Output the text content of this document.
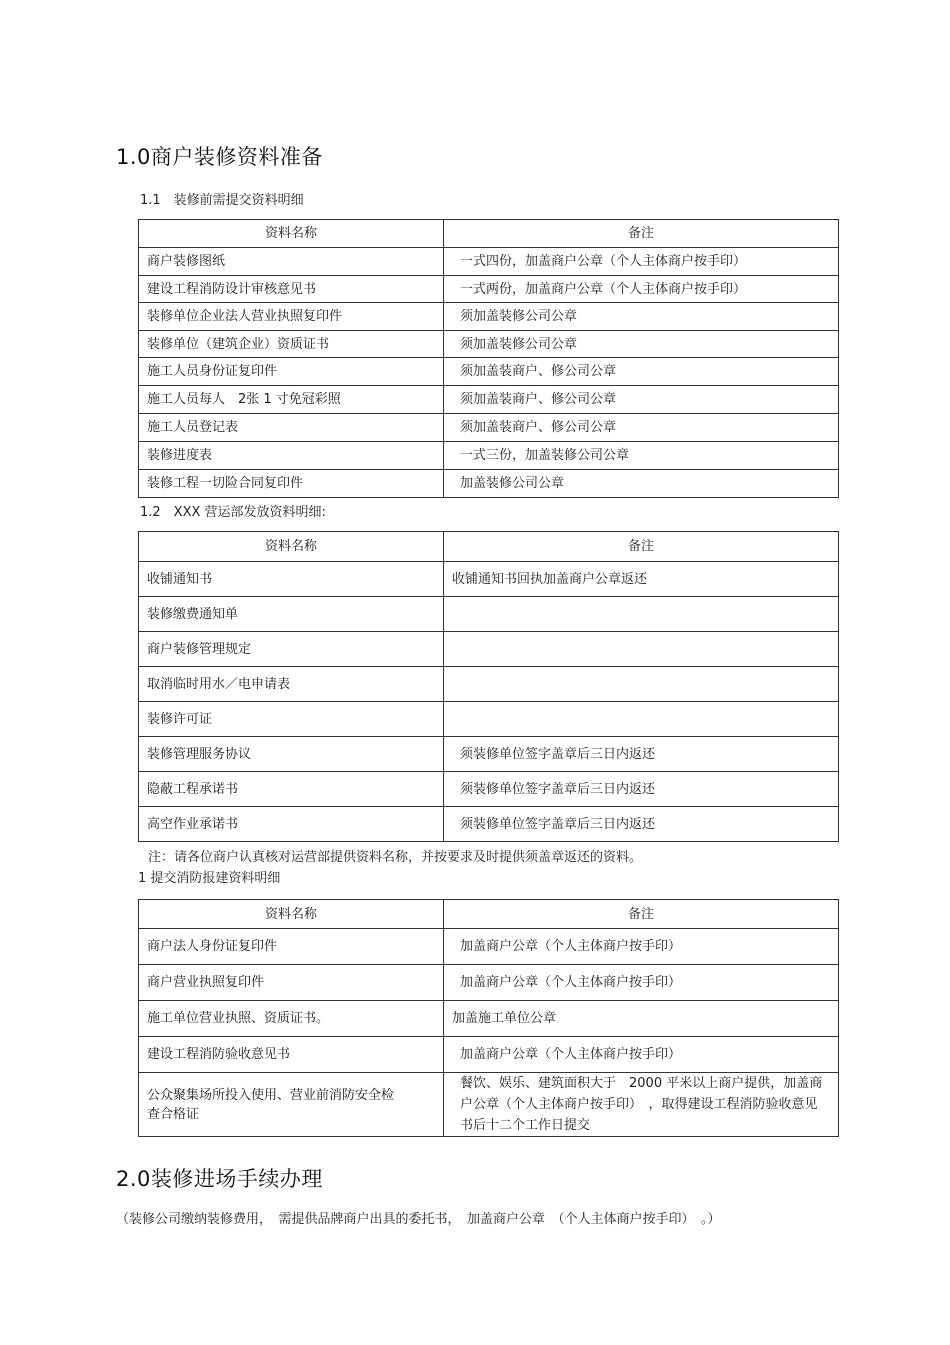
1.0商户装修资料准备
1.1　装修前需提交资料明细
资料名称	备注
商户装修图纸	一式四份，加盖商户公章（个人主体商户按手印）
建设工程消防设计审核意见书	一式两份，加盖商户公章（个人主体商户按手印）
装修单位企业法人营业执照复印件	须加盖装修公司公章
装修单位（建筑企业）资质证书	须加盖装修公司公章
施工人员身份证复印件	须加盖装商户、修公司公章
施工人员每人　2张 1 寸免冠彩照	须加盖装商户、修公司公章
施工人员登记表	须加盖装商户、修公司公章
装修进度表	一式三份，加盖装修公司公章
装修工程一切险合同复印件	加盖装修公司公章
1.2　XXX 营运部发放资料明细:
资料名称	备注
收铺通知书	收铺通知书回执加盖商户公章返还
装修缴费通知单	
商户装修管理规定	
取消临时用水／电申请表	
装修许可证	
装修管理服务协议	须装修单位签字盖章后三日内返还
隐蔽工程承诺书	须装修单位签字盖章后三日内返还
高空作业承诺书	须装修单位签字盖章后三日内返还
注：请各位商户认真核对运营部提供资料名称，并按要求及时提供须盖章返还的资料。
1 提交消防报建资料明细
资料名称	备注
商户法人身份证复印件	加盖商户公章（个人主体商户按手印）
商户营业执照复印件	加盖商户公章（个人主体商户按手印）
施工单位营业执照、资质证书。	加盖施工单位公章
建设工程消防验收意见书	加盖商户公章（个人主体商户按手印）
公众聚集场所投入使用、营业前消防安全检查合格证	餐饮、娱乐、建筑面积大于　2000 平米以上商户提供，加盖商户公章（个人主体商户按手印）　，取得建设工程消防验收意见书后十二个工作日提交
2.0装修进场手续办理
（装修公司缴纳装修费用，　需提供品牌商户出具的委托书，　加盖商户公章　（个人主体商户按手印）　。）
